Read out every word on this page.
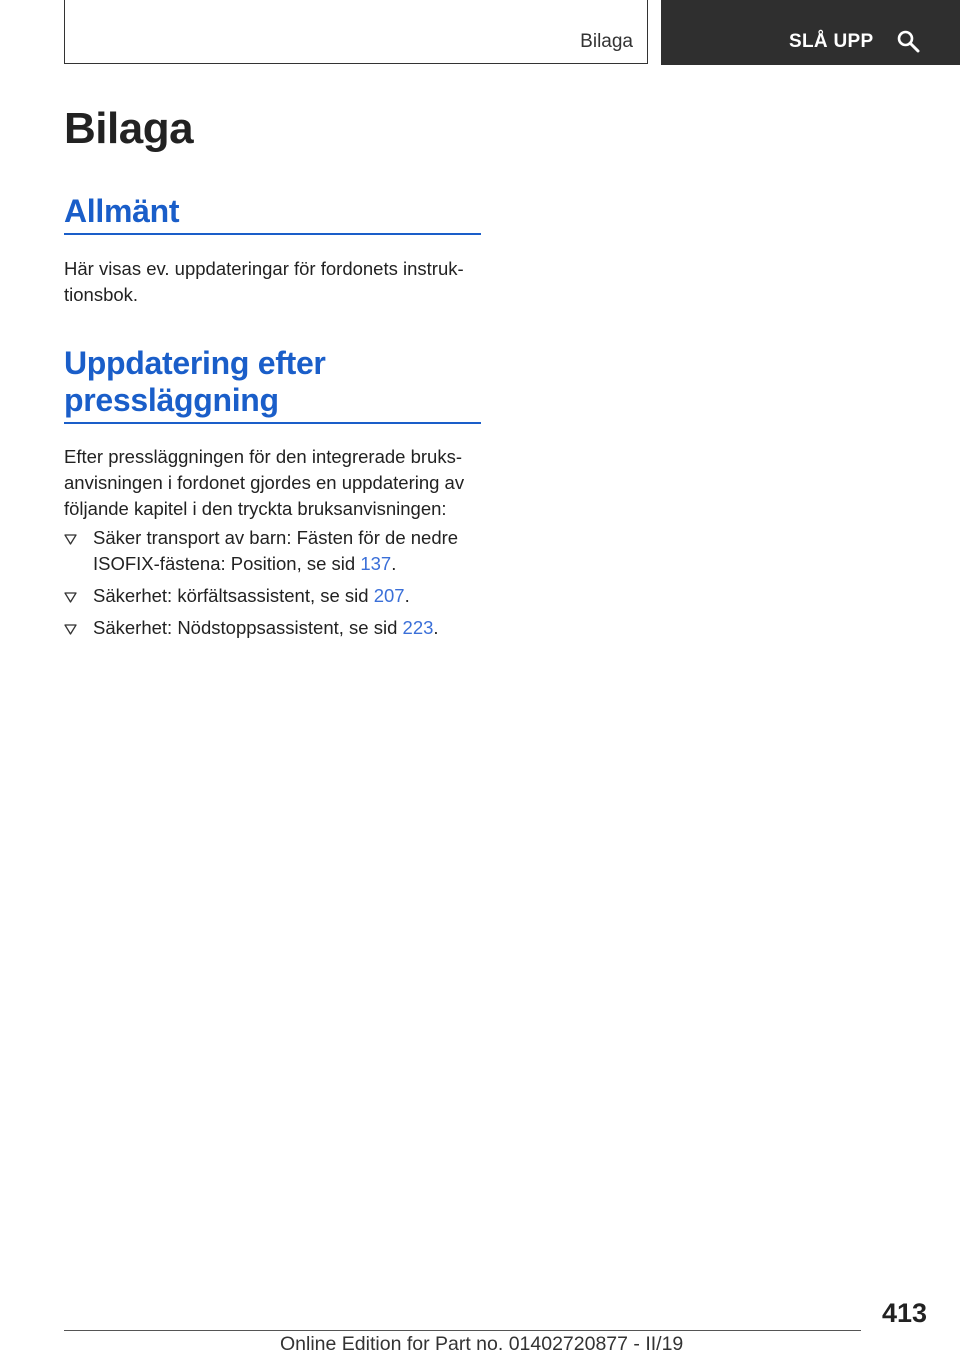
Bilaga	SLÅ UPP
Bilaga
Allmänt

Här visas ev. uppdateringar för fordonets instruk-
tionsbok.

Uppdatering efter
pressläggning

Efter pressläggningen för den integrerade bruks-
anvisningen i fordonet gjordes en uppdatering av
följande kapitel i den tryckta bruksanvisningen:

Säker transport av barn: Fästen för de nedre
ISOFIX-fästena: Position, se sid 137.
Säkerhet: körfältsassistent, se sid 207.
Säkerhet: Nödstoppsassistent, se sid 223.
413
Online Edition for Part no. 01402720877 - II/19
